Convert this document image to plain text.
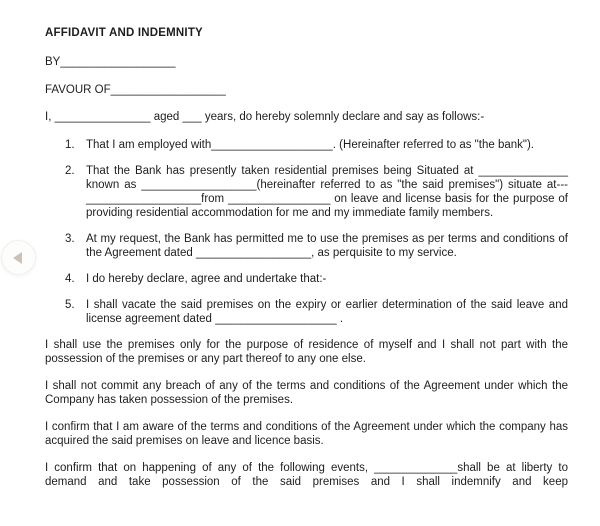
AFFIDAVIT AND INDEMNITY

BY__________________

FAVOUR OF__________________

I, _______________ aged ___ years, do hereby solemnly declare and say as follows:-

1. That I am employed with___________________. (Hereinafter referred to as "the bank").
2. That the Bank has presently taken residential premises being Situated at ______________ known as __________________(hereinafter referred to as "the said premises") situate at---__________________from ________________ on leave and license basis for the purpose of providing residential accommodation for me and my immediate family members.
3. At my request, the Bank has permitted me to use the premises as per terms and conditions of the Agreement dated __________________, as perquisite to my service.
4. I do hereby declare, agree and undertake that:-
5. I shall vacate the said premises on the expiry or earlier determination of the said leave and license agreement dated ___________________ .

I shall use the premises only for the purpose of residence of myself and I shall not part with the possession of the premises or any part thereof to any one else.

I shall not commit any breach of any of the terms and conditions of the Agreement under which the Company has taken possession of the premises.

I confirm that I am aware of the terms and conditions of the Agreement under which the company has acquired the said premises on leave and licence basis.

I confirm that on happening of any of the following events, _____________shall be at liberty to demand and take possession of the said premises and I shall indemnify and keep
